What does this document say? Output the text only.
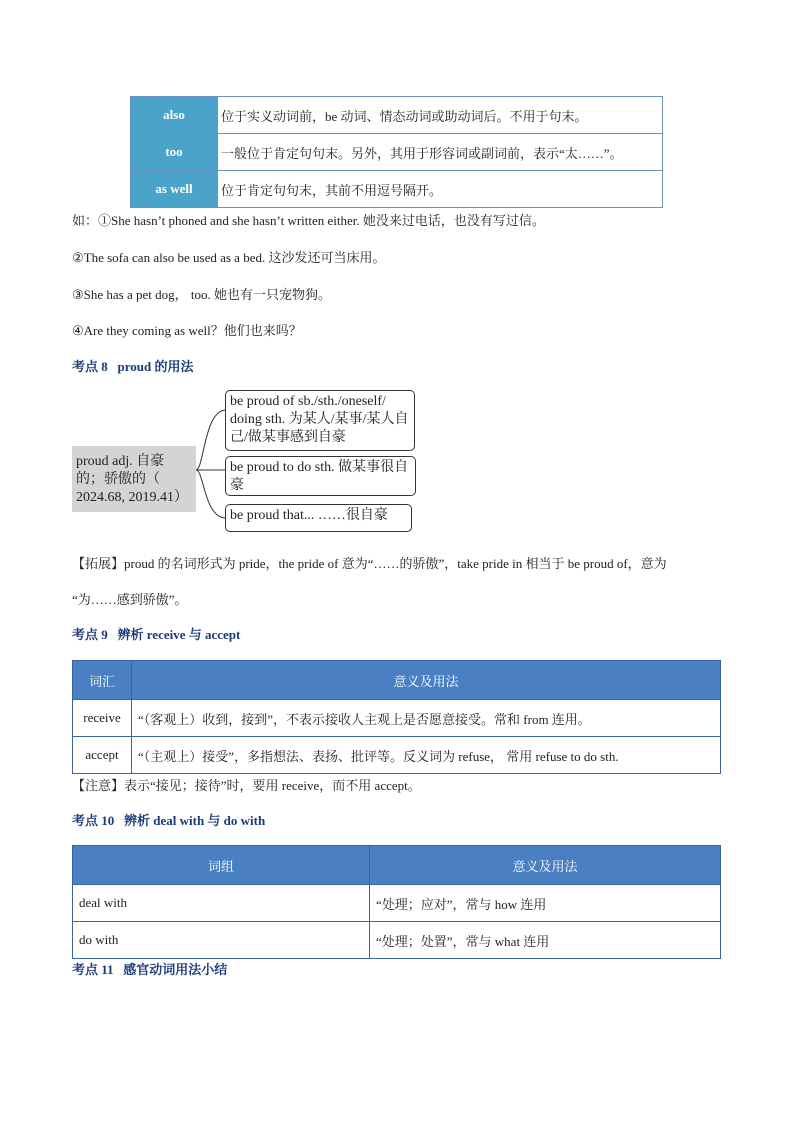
also	位于实义动词前，be 动词、情态动词或助动词后。不用于句末。
too	一般位于肯定句句末。另外，其用于形容词或副词前，表示“太……”。
as well	位于肯定句句末，其前不用逗号隔开。
如：①She hasn’t phoned and she hasn’t written either. 她没来过电话，也没有写过信。
②The sofa can also be used as a bed. 这沙发还可当床用。
③She has a pet dog， too. 她也有一只宠物狗。
④Are they coming as well？他们也来吗？
考点 8 proud 的用法
proud adj. 自豪的；骄傲的（ 2024.68, 2019.41）
be proud of sb./sth./oneself/ doing sth. 为某人/某事/某人自己/做某事感到自豪
be proud to do sth. 做某事很自豪
be proud that... ……很自豪
【拓展】proud 的名词形式为 pride，the pride of 意为“……的骄傲”，take pride in 相当于 be proud of，意为
“为……感到骄傲”。
考点 9 辨析 receive 与 accept
词汇	意义及用法
receive	“（客观上）收到，接到”，不表示接收人主观上是否愿意接受。常和 from 连用。
accept	“（主观上）接受”，多指想法、表扬、批评等。反义词为 refuse， 常用 refuse to do sth.
【注意】表示“接见；接待”时，要用 receive，而不用 accept。
考点 10 辨析 deal with 与 do with
词组	意义及用法
deal with	“处理；应对”，常与 how 连用
do with	“处理；处置”，常与 what 连用
考点 11 感官动词用法小结
